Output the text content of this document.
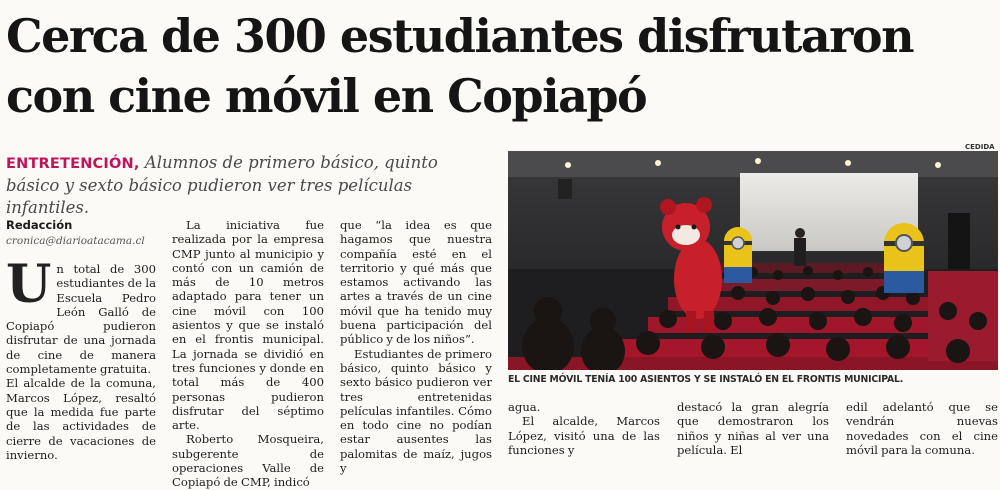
Cerca de 300 estudiantes disfrutaron
con cine móvil en Copiapó
ENTRETENCIÓN, Alumnos de primero básico, quinto básico y sexto básico pudieron ver tres películas infantiles.
Redacción
cronica@diarioatacama.cl

Un total de 300 estudiantes de la Escuela Pedro León Galló de Copiapó pudieron disfrutar de una jornada de cine de manera completamente gratuita.

El alcalde de la comuna, Marcos López, resaltó que la medida fue parte de las actividades de cierre de vacaciones de invierno.

La iniciativa fue realizada por la empresa CMP junto al municipio y contó con un camión de más de 10 metros adaptado para tener un cine móvil con 100 asientos y que se instaló en el frontis municipal. La jornada se dividió en tres funciones y donde en total más de 400 personas pudieron disfrutar del séptimo arte.

Roberto Mosqueira, subgerente de operaciones Valle de Copiapó de CMP, indicó

que “la idea es que hagamos que nuestra compañía esté en el territorio y qué más que estamos activando las artes a través de un cine móvil que ha tenido muy buena participación del público y de los niños”.

Estudiantes de primero básico, quinto básico y sexto básico pudieron ver tres entretenidas películas infantiles. Cómo en todo cine no podían estar ausentes las palomitas de maíz, jugos y

agua.

El alcalde, Marcos López, visitó una de las funciones y

destacó la gran alegría que demostraron los niños y niñas al ver una película. El

edil adelantó que se vendrán nuevas novedades con el cine móvil para la comuna.

CEDIDA
EL CINE MÓVIL TENÍA 100 ASIENTOS Y SE INSTALÓ EN EL FRONTIS MUNICIPAL.
